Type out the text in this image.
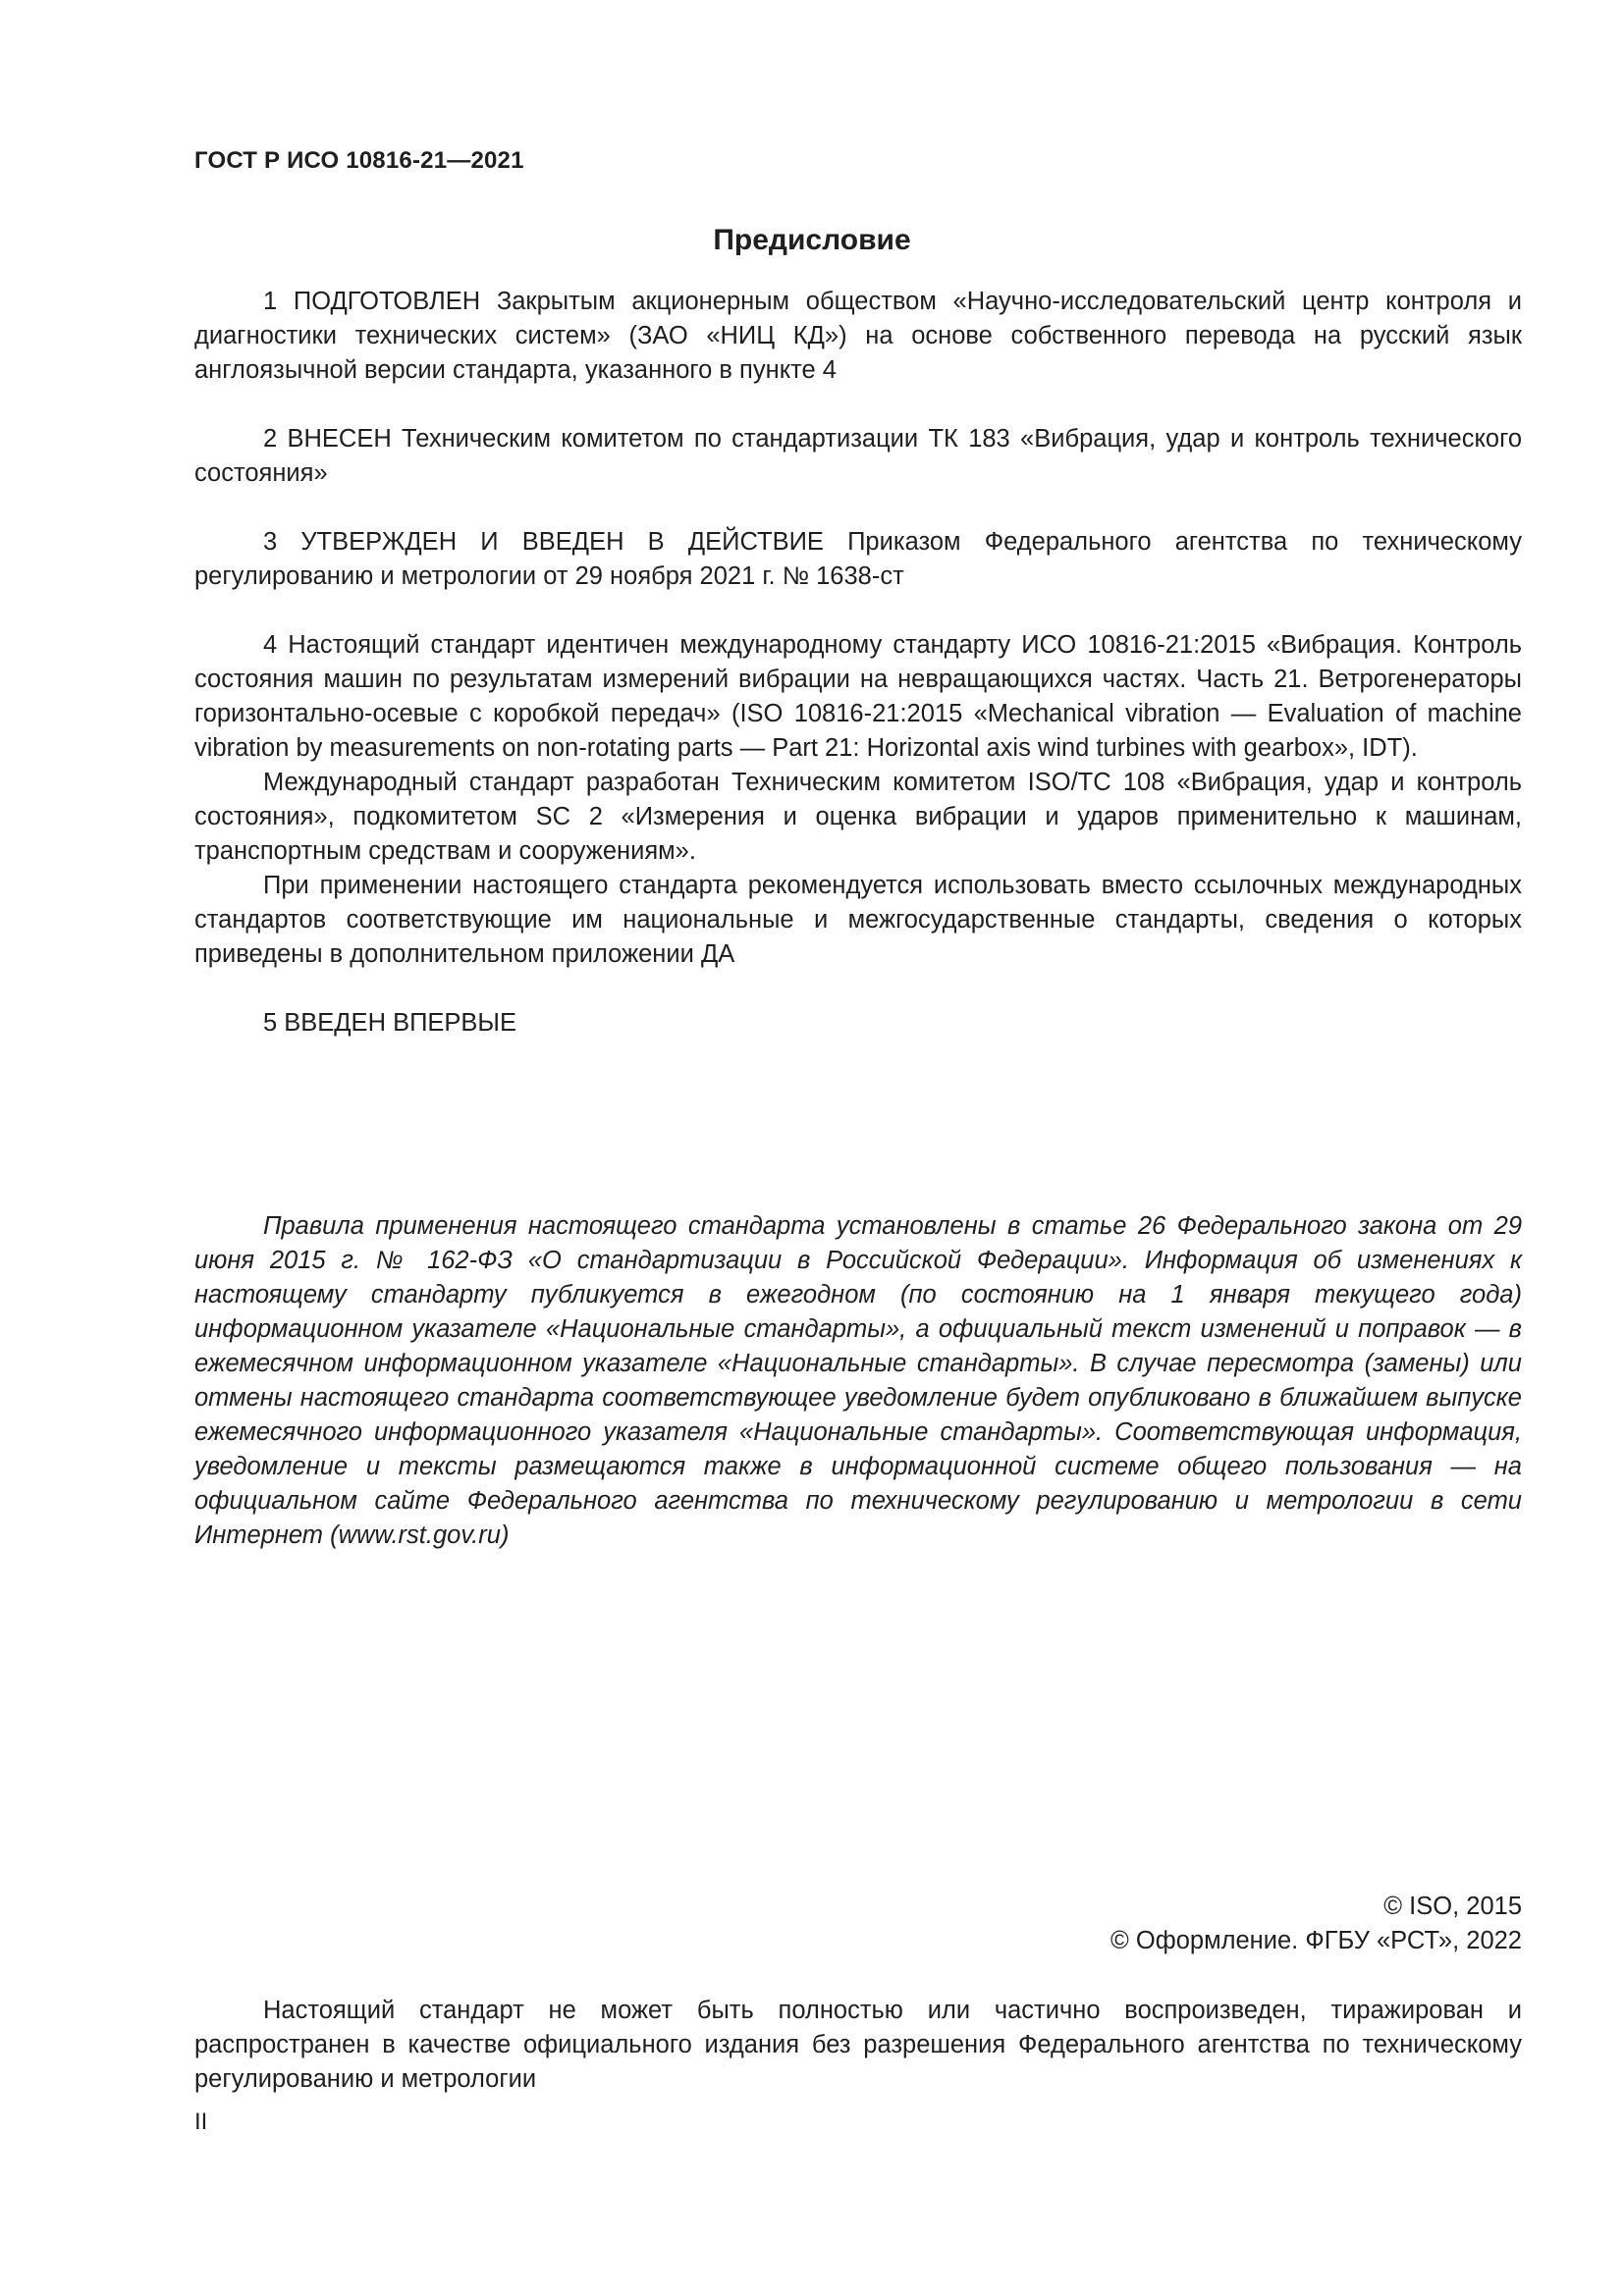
ГОСТ Р ИСО 10816-21—2021
Предисловие

1 ПОДГОТОВЛЕН Закрытым акционерным обществом «Научно-исследовательский центр контроля и диагностики технических систем» (ЗАО «НИЦ КД») на основе собственного перевода на русский язык англоязычной версии стандарта, указанного в пункте 4

2 ВНЕСЕН Техническим комитетом по стандартизации ТК 183 «Вибрация, удар и контроль технического состояния»

3 УТВЕРЖДЕН И ВВЕДЕН В ДЕЙСТВИЕ Приказом Федерального агентства по техническому регулированию и метрологии от 29 ноября 2021 г. № 1638-ст

4 Настоящий стандарт идентичен международному стандарту ИСО 10816-21:2015 «Вибрация. Контроль состояния машин по результатам измерений вибрации на невращающихся частях. Часть 21. Ветрогенераторы горизонтально-осевые с коробкой передач» (ISO 10816-21:2015 «Mechanical vibration — Evaluation of machine vibration by measurements on non-rotating parts — Part 21: Horizontal axis wind turbines with gearbox», IDT).

Международный стандарт разработан Техническим комитетом ISO/TC 108 «Вибрация, удар и контроль состояния», подкомитетом SC 2 «Измерения и оценка вибрации и ударов применительно к машинам, транспортным средствам и сооружениям».

При применении настоящего стандарта рекомендуется использовать вместо ссылочных международных стандартов соответствующие им национальные и межгосударственные стандарты, сведения о которых приведены в дополнительном приложении ДА

5 ВВЕДЕН ВПЕРВЫЕ

Правила применения настоящего стандарта установлены в статье 26 Федерального закона от 29 июня 2015 г. № 162-ФЗ «О стандартизации в Российской Федерации». Информация об изменениях к настоящему стандарту публикуется в ежегодном (по состоянию на 1 января текущего года) информационном указателе «Национальные стандарты», а официальный текст изменений и поправок — в ежемесячном информационном указателе «Национальные стандарты». В случае пересмотра (замены) или отмены настоящего стандарта соответствующее уведомление будет опубликовано в ближайшем выпуске ежемесячного информационного указателя «Национальные стандарты». Соответствующая информация, уведомление и тексты размещаются также в информационной системе общего пользования — на официальном сайте Федерального агентства по техническому регулированию и метрологии в сети Интернет (www.rst.gov.ru)

© ISO, 2015
© Оформление. ФГБУ «РСТ», 2022

Настоящий стандарт не может быть полностью или частично воспроизведен, тиражирован и распространен в качестве официального издания без разрешения Федерального агентства по техническому регулированию и метрологии

II
